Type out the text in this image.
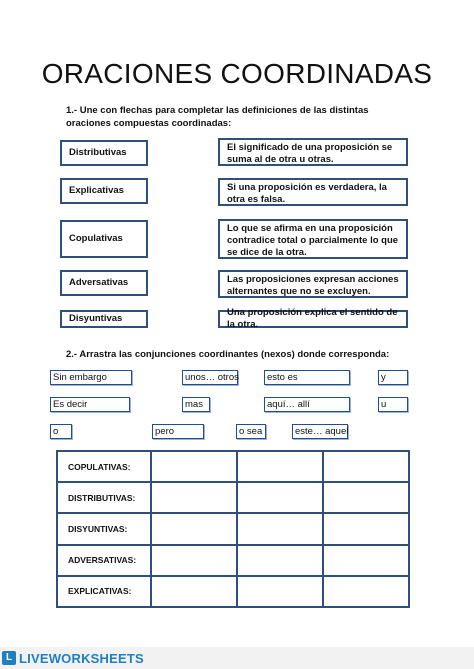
ORACIONES COORDINADAS
1.- Une con flechas para completar las definiciones de las distintas oraciones compuestas coordinadas:
Distributivas
Explicativas
Copulativas
Adversativas
Disyuntivas
El significado de una proposición se suma al de otra u otras.
Si una proposición es verdadera, la otra es falsa.
Lo que se afirma en una proposición contradice total o parcialmente lo que se dice de la otra.
Las proposiciones expresan acciones alternantes que no se excluyen.
Una proposición explica el sentido de la otra.
2.- Arrastra las conjunciones coordinantes (nexos) donde corresponda:
Sin embargo	unos… otros	esto es	y
Es decir	mas	aquí… allí	u
o	pero	o sea	este… aquel
COPULATIVAS:			
DISTRIBUTIVAS:			
DISYUNTIVAS:			
ADVERSATIVAS:			
EXPLICATIVAS:			
L LIVEWORKSHEETS
